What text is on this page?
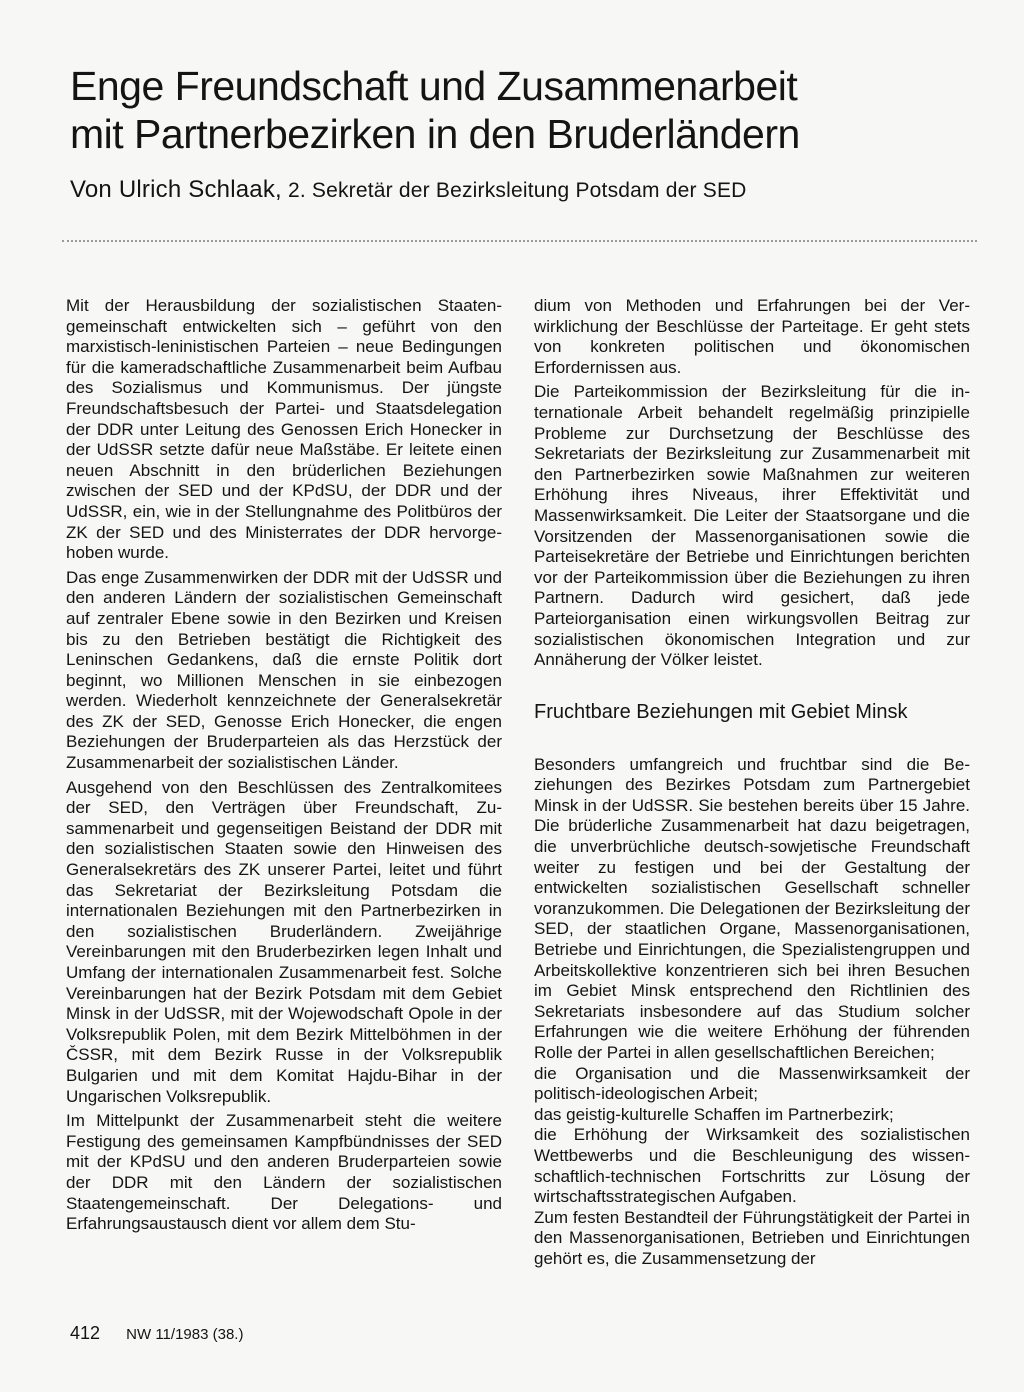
Enge Freundschaft und Zusammenarbeit
mit Partnerbezirken in den Bruderländern
Von Ulrich Schlaak, 2. Sekretär der Bezirksleitung Potsdam der SED

Mit der Herausbildung der sozialistischen Staatengemeinschaft entwickelten sich – geführt von den marxistisch-leninistischen Parteien – neue Bedingungen für die kameradschaftliche Zusammenarbeit beim Aufbau des Sozialismus und Kommunismus. Der jüngste Freundschaftsbesuch der Partei- und Staatsdelegation der DDR unter Leitung des Genossen Erich Honecker in der UdSSR setzte dafür neue Maßstäbe. Er leitete einen neuen Abschnitt in den brüderlichen Beziehungen zwischen der SED und der KPdSU, der DDR und der UdSSR, ein, wie in der Stellungnahme des Politbüros der ZK der SED und des Ministerrates der DDR hervorgehoben wurde.

Das enge Zusammenwirken der DDR mit der UdSSR und den anderen Ländern der sozialistischen Gemeinschaft auf zentraler Ebene sowie in den Bezirken und Kreisen bis zu den Betrieben bestätigt die Richtigkeit des Leninschen Gedankens, daß die ernste Politik dort beginnt, wo Millionen Menschen in sie einbezogen werden. Wiederholt kennzeichnete der Generalsekretär des ZK der SED, Genosse Erich Honecker, die engen Beziehungen der Bruderparteien als das Herzstück der Zusammenarbeit der sozialistischen Länder.

Ausgehend von den Beschlüssen des Zentralkomitees der SED, den Verträgen über Freundschaft, Zusammenarbeit und gegenseitigen Beistand der DDR mit den sozialistischen Staaten sowie den Hinweisen des Generalsekretärs des ZK unserer Partei, leitet und führt das Sekretariat der Bezirksleitung Potsdam die internationalen Beziehungen mit den Partnerbezirken in den sozialistischen Bruderländern. Zweijährige Vereinbarungen mit den Bruderbezirken legen Inhalt und Umfang der internationalen Zusammenarbeit fest. Solche Vereinbarungen hat der Bezirk Potsdam mit dem Gebiet Minsk in der UdSSR, mit der Wojewodschaft Opole in der Volksrepublik Polen, mit dem Bezirk Mittelböhmen in der ČSSR, mit dem Bezirk Russe in der Volksrepublik Bulgarien und mit dem Komitat Hajdu-Bihar in der Ungarischen Volksrepublik.

Im Mittelpunkt der Zusammenarbeit steht die weitere Festigung des gemeinsamen Kampfbündnisses der SED mit der KPdSU und den anderen Bruderparteien sowie der DDR mit den Ländern der sozialistischen Staatengemeinschaft. Der Delegations- und Erfahrungsaustausch dient vor allem dem Stu-

dium von Methoden und Erfahrungen bei der Verwirklichung der Beschlüsse der Parteitage. Er geht stets von konkreten politischen und ökonomischen Erfordernissen aus.

Die Parteikommission der Bezirksleitung für die internationale Arbeit behandelt regelmäßig prinzipielle Probleme zur Durchsetzung der Beschlüsse des Sekretariats der Bezirksleitung zur Zusammenarbeit mit den Partnerbezirken sowie Maßnahmen zur weiteren Erhöhung ihres Niveaus, ihrer Effektivität und Massenwirksamkeit. Die Leiter der Staatsorgane und die Vorsitzenden der Massenorganisationen sowie die Parteisekretäre der Betriebe und Einrichtungen berichten vor der Parteikommission über die Beziehungen zu ihren Partnern. Dadurch wird gesichert, daß jede Parteiorganisation einen wirkungsvollen Beitrag zur sozialistischen ökonomischen Integration und zur Annäherung der Völker leistet.

Fruchtbare Beziehungen mit Gebiet Minsk

Besonders umfangreich und fruchtbar sind die Beziehungen des Bezirkes Potsdam zum Partnergebiet Minsk in der UdSSR. Sie bestehen bereits über 15 Jahre. Die brüderliche Zusammenarbeit hat dazu beigetragen, die unverbrüchliche deutsch-sowjetische Freundschaft weiter zu festigen und bei der Gestaltung der entwickelten sozialistischen Gesellschaft schneller voranzukommen. Die Delegationen der Bezirksleitung der SED, der staatlichen Organe, Massenorganisationen, Betriebe und Einrichtungen, die Spezialistengruppen und Arbeitskollektive konzentrieren sich bei ihren Besuchen im Gebiet Minsk entsprechend den Richtlinien des Sekretariats insbesondere auf das Studium solcher Erfahrungen wie die weitere Erhöhung der führenden Rolle der Partei in allen gesellschaftlichen Bereichen;

die Organisation und die Massenwirksamkeit der politisch-ideologischen Arbeit;

das geistig-kulturelle Schaffen im Partnerbezirk;

die Erhöhung der Wirksamkeit des sozialistischen Wettbewerbs und die Beschleunigung des wissenschaftlich-technischen Fortschritts zur Lösung der wirtschaftsstrategischen Aufgaben.

Zum festen Bestandteil der Führungstätigkeit der Partei in den Massenorganisationen, Betrieben und Einrichtungen gehört es, die Zusammensetzung der

412 NW 11/1983 (38.)
